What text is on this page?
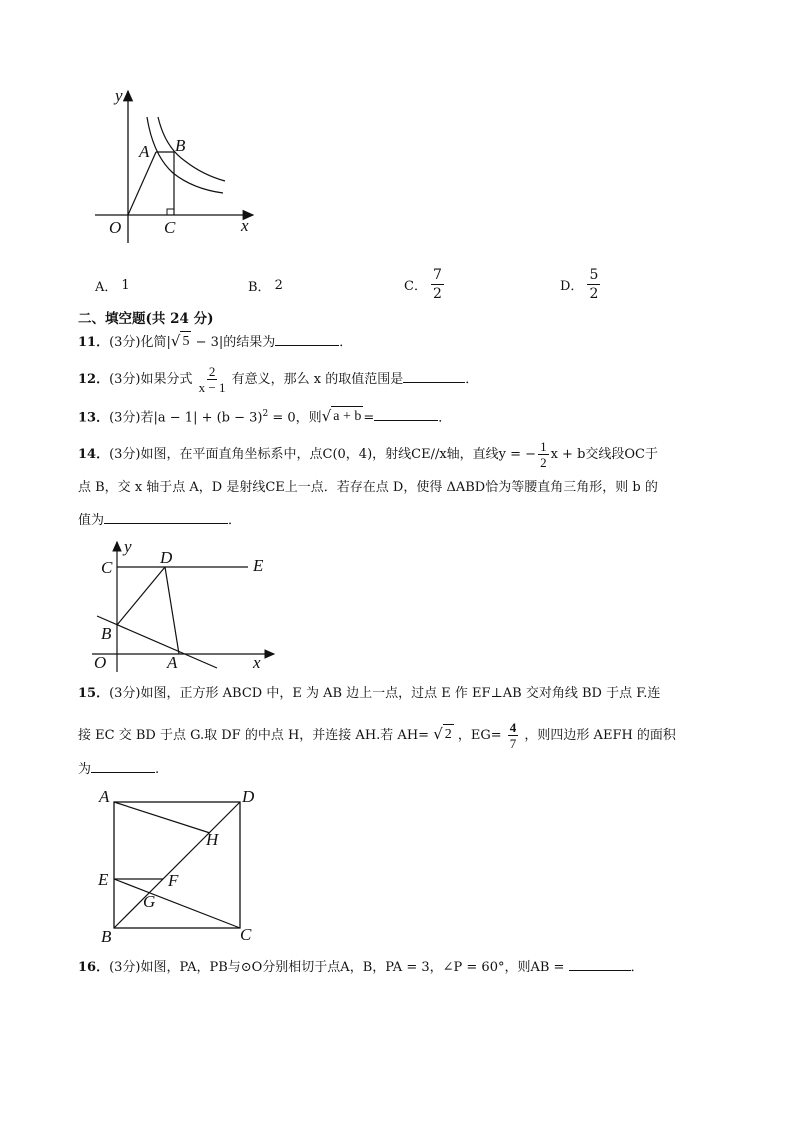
y
x
O
A B
C
A． 1	B． 2	C． $\frac{7}{2}$	D． $\frac{5}{2}$
二、填空题(共 24 分)
11．(3分)化简| √ 5 − 3|的结果为	．
12．(3分)如果分式 $\frac{2}{x - 1}$ 有意义，那么 x 的取值范围是	．
13．(3分)若$|a - 1| + (b - 3)^2 = 0$，则 √ a + b =	．
14．(3分)如图，在平面直角坐标系中，点C(0，4)，射线CE//x轴，直线y = − $\frac{1}{2}$ x + b交线段OC于
点 B，交 x 轴于点 A，D 是射线CE上一点．若存在点 D，使得 ΔABD恰为等腰直角三角形，则 b 的
值为	．
y
x
O	A
B
C
D	E
15．(3分)如图，正方形 ABCD 中，E 为 AB 边上一点，过点 E 作 EF⊥AB 交对角线 BD 于点 F.连
接 EC 交 BD 于点 G.取 DF 的中点 H，并连接 AH.若 AH= √ 2 ，$EG= \frac{4}{7}$ ，则四边形 AEFH 的面积
为	.
A	D
H
E	F
G
B	C
16．(3分)如图，PA，PB与⊙O分别相切于点A，B，PA = 3，∠P = 60°，则AB =	．
